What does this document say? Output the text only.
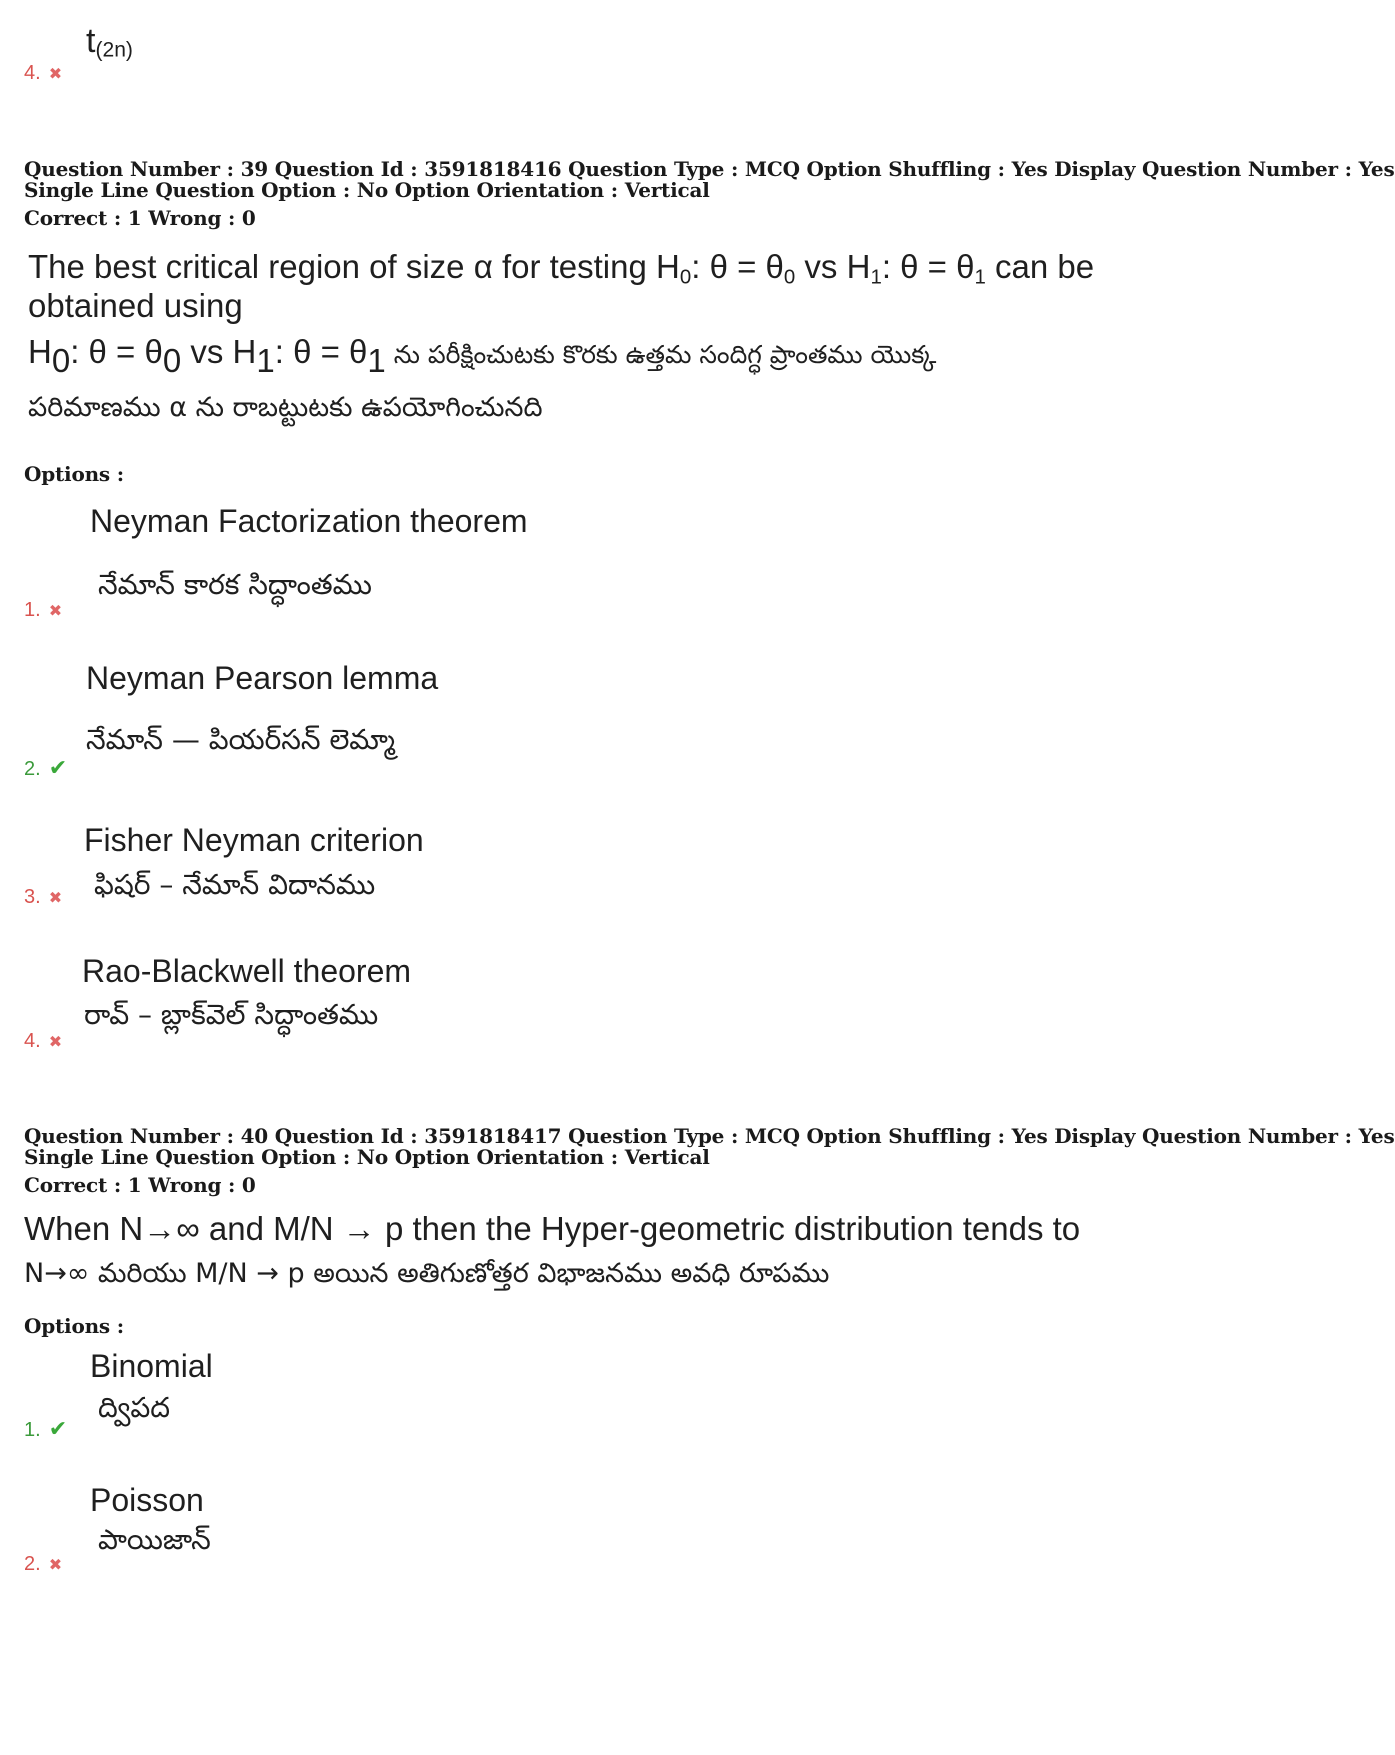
4. ✖
$t_{(2n)}$
Question Number : 39 Question Id : 3591818416 Question Type : MCQ Option Shuffling : Yes Display Question Number : Yes
Single Line Question Option : No Option Orientation : Vertical
Correct : 1 Wrong : 0
The best critical region of size α for testing $H_0$: $\theta = \theta_0$ vs $H_1$: $\theta = \theta_1$ can be
obtained using
$H_0$: $\theta = \theta_0$ vs $H_1$: $\theta = \theta_1$ ను పరీక్షించుటకు కొరకు ఉత్తమ సందిగ్ధ ప్రాంతము యొక్క
పరిమాణము α ను రాబట్టుటకు ఉపయోగించునది
Options :
Neyman Factorization theorem
నేమాన్ కారక సిద్ధాంతము
1. ✖
Neyman Pearson lemma
నేమాన్ — పియర్‌సన్ లెమ్మా
2. ✔
Fisher Neyman criterion
ఫిషర్ – నేమాన్ విదానము
3. ✖
Rao-Blackwell theorem
రావ్ – బ్లాక్‌వెల్ సిద్ధాంతము
4. ✖
Question Number : 40 Question Id : 3591818417 Question Type : MCQ Option Shuffling : Yes Display Question Number : Yes
Single Line Question Option : No Option Orientation : Vertical
Correct : 1 Wrong : 0
When N→∞ and M/N → p then the Hyper-geometric distribution tends to
N→∞ మరియు M/N → p అయిన అతిగుణోత్తర విభాజనము అవధి రూపము
Options :
Binomial
ద్విపద
1. ✔
Poisson
పాయిజాన్
2. ✖
